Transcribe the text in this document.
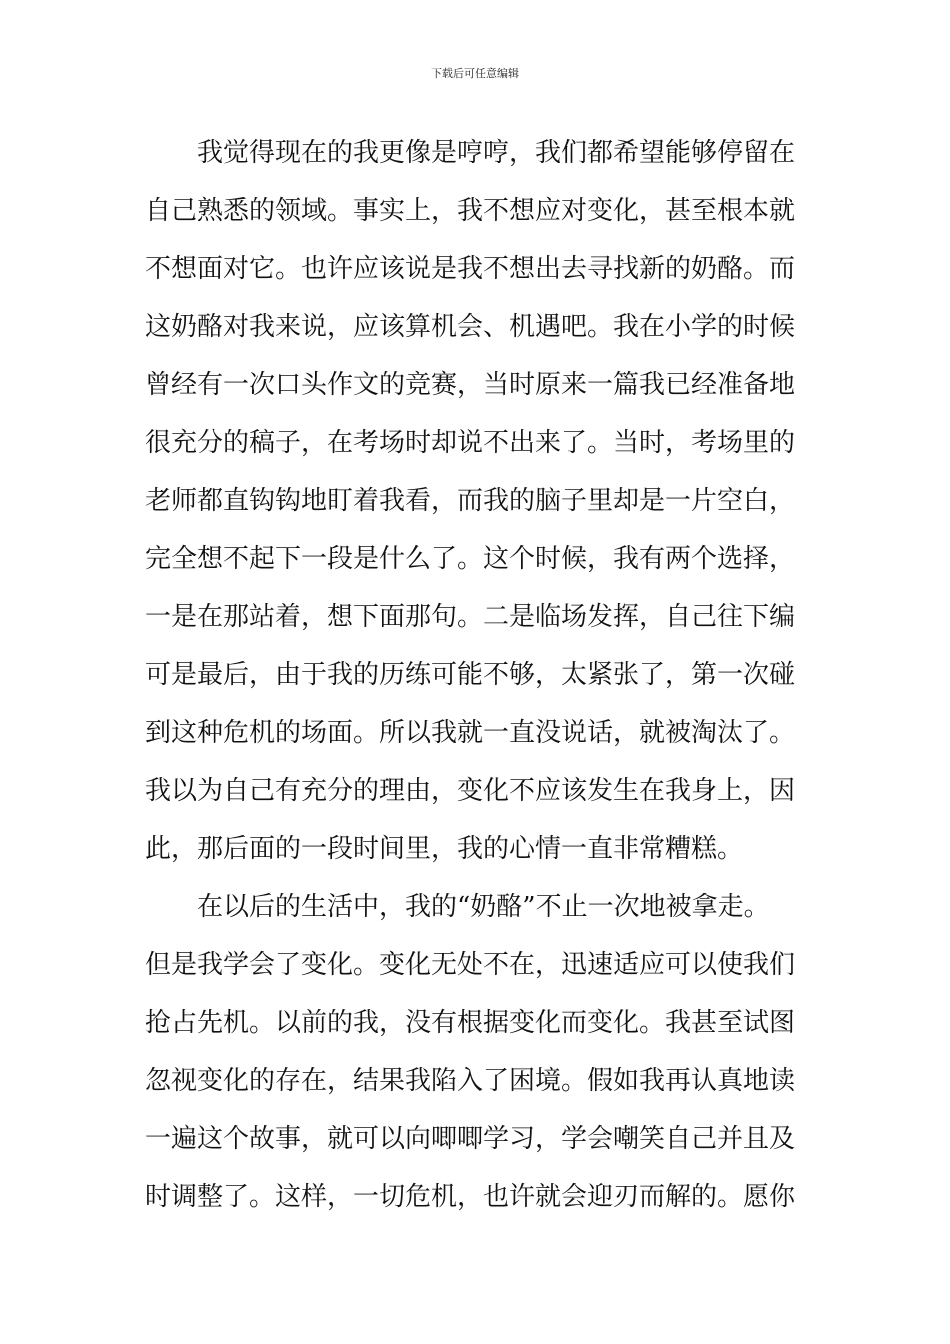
下载后可任意编辑
我觉得现在的我更像是哼哼，我们都希望能够停留在
自己熟悉的领域。事实上，我不想应对变化，甚至根本就
不想面对它。也许应该说是我不想出去寻找新的奶酪。而
这奶酪对我来说，应该算机会、机遇吧。我在小学的时候
曾经有一次口头作文的竞赛，当时原来一篇我已经准备地
很充分的稿子，在考场时却说不出来了。当时，考场里的
老师都直钩钩地盯着我看，而我的脑子里却是一片空白，
完全想不起下一段是什么了。这个时候，我有两个选择，
一是在那站着，想下面那句。二是临场发挥，自己往下编
可是最后，由于我的历练可能不够，太紧张了，第一次碰
到这种危机的场面。所以我就一直没说话，就被淘汰了。
我以为自己有充分的理由，变化不应该发生在我身上，因
此，那后面的一段时间里，我的心情一直非常糟糕。
在以后的生活中，我的“奶酪”不止一次地被拿走。
但是我学会了变化。变化无处不在，迅速适应可以使我们
抢占先机。以前的我，没有根据变化而变化。我甚至试图
忽视变化的存在，结果我陷入了困境。假如我再认真地读
一遍这个故事，就可以向唧唧学习，学会嘲笑自己并且及
时调整了。这样，一切危机，也许就会迎刃而解的。愿你
